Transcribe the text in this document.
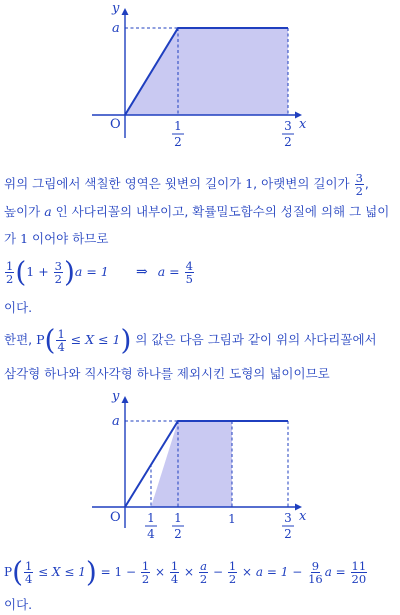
y
x
O
a
1
2
3
2
위의 그림에서 색칠한 영역은 윗변의 길이가 1, 아랫변의 길이가 $\frac{3}{2}$ ,
높이가 a 인 사다리꼴의 내부이고, 확률밀도함수의 성질에 의해 그 넓이
가 1 이어야 하므로
$\frac{1}{2} (1 + \frac{3}{2} )a = 1$ ⇒ $a = \frac{4}{5}$
이다.
한편, $P( \frac{1}{4} \le X \le 1)$ 의 값은 다음 그림과 같이 위의 사다리꼴에서
삼각형 하나와 직사각형 하나를 제외시킨 도형의 넓이이므로
y
x
O
a
1
4
1
2
1	3
2
$P( \frac{1}{4} \le X \le 1) = 1 - \frac{1}{2} \times \frac{1}{4} \times \frac{a}{2} - \frac{1}{2} \times a = 1 - \frac{9}{16}$ $a = \frac{11}{20}$
이다.
